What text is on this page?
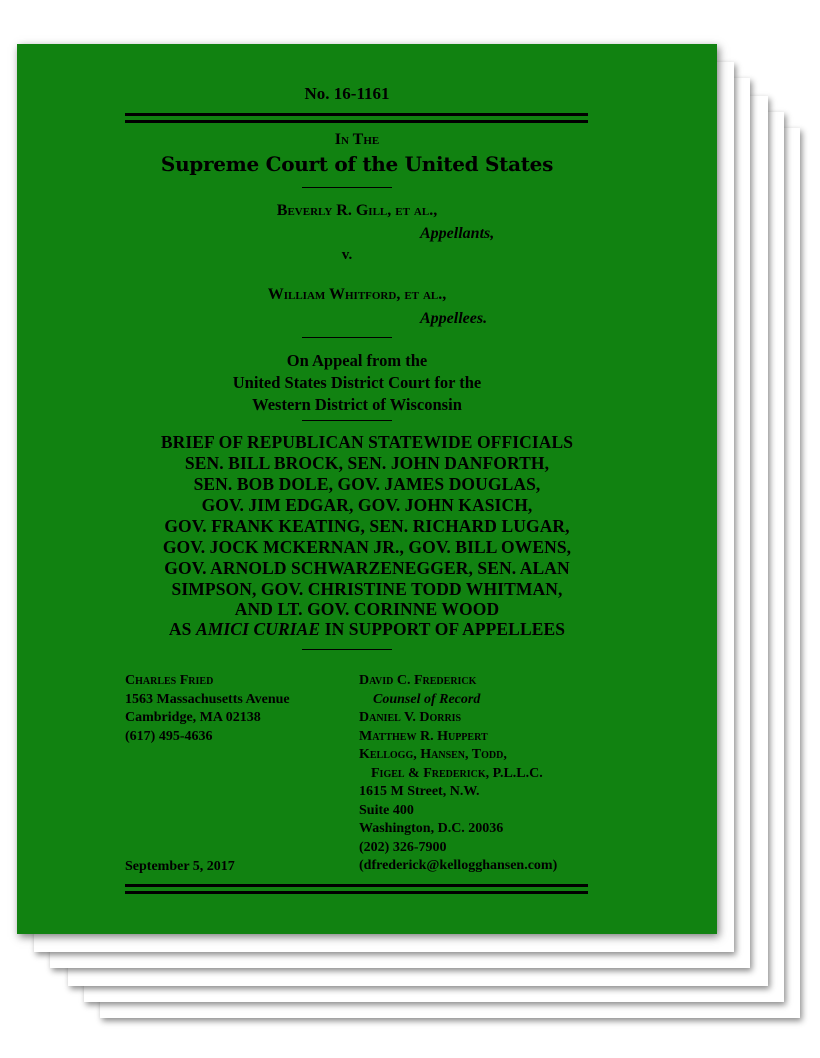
No. 16-1161
In The
Supreme Court of the United States
Beverly R. Gill, et al.,
Appellants,
v.
William Whitford, et al.,
Appellees.
On Appeal from the
United States District Court for the
Western District of Wisconsin
BRIEF OF REPUBLICAN STATEWIDE OFFICIALS
SEN. BILL BROCK, SEN. JOHN DANFORTH,
SEN. BOB DOLE, GOV. JAMES DOUGLAS,
GOV. JIM EDGAR, GOV. JOHN KASICH,
GOV. FRANK KEATING, SEN. RICHARD LUGAR,
GOV. JOCK MCKERNAN JR., GOV. BILL OWENS,
GOV. ARNOLD SCHWARZENEGGER, SEN. ALAN
SIMPSON, GOV. CHRISTINE TODD WHITMAN,
AND LT. GOV. CORINNE WOOD
AS AMICI CURIAE IN SUPPORT OF APPELLEES
Charles Fried
1563 Massachusetts Avenue
Cambridge, MA 02138
(617) 495-4636
David C. Frederick
Counsel of Record
Daniel V. Dorris
Matthew R. Huppert
Kellogg, Hansen, Todd,
Figel & Frederick, P.L.L.C.
1615 M Street, N.W.
Suite 400
Washington, D.C. 20036
(202) 326-7900
(dfrederick@kellogghansen.com)
September 5, 2017
